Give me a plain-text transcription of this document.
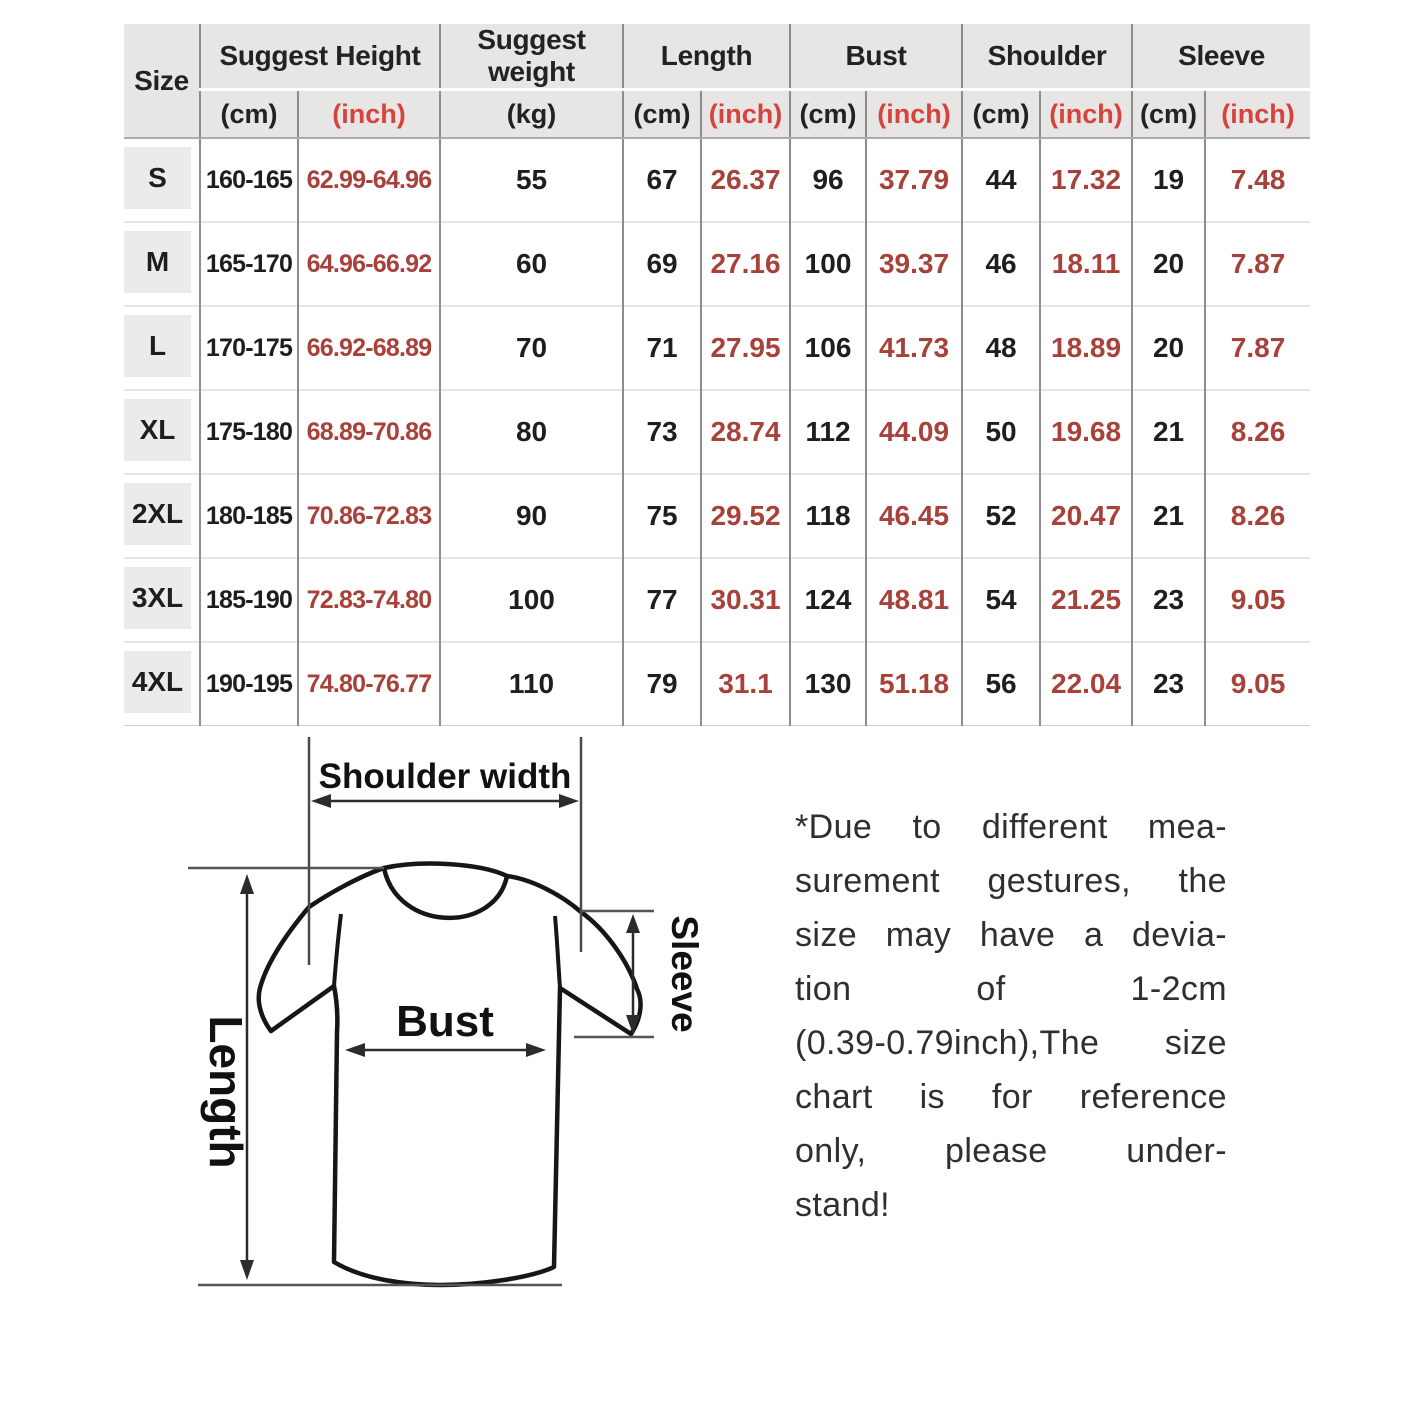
Size	Suggest Height		Suggest weight	Length		Bust		Shoulder		Sleeve	
	(cm)	(inch)	(kg)	(cm)	(inch)	(cm)	(inch)	(cm)	(inch)	(cm)	(inch)

S	160-165	62.99-64.96	55	67	26.37	96	37.79	44	17.32	19	7.48

M	165-170	64.96-66.92	60	69	27.16	100	39.37	46	18.11	20	7.87

L	170-175	66.92-68.89	70	71	27.95	106	41.73	48	18.89	20	7.87

XL	175-180	68.89-70.86	80	73	28.74	112	44.09	50	19.68	21	8.26

2XL	180-185	70.86-72.83	90	75	29.52	118	46.45	52	20.47	21	8.26

3XL	185-190	72.83-74.80	100	77	30.31	124	48.81	54	21.25	23	9.05

4XL	190-195	74.80-76.77	110	79	31.1	130	51.18	56	22.04	23	9.05
Shoulder width
Length	Bust	Sleeve
*Due to different mea-
surement gestures, the
size may have a devia-
tion of 1-2cm
(0.39-0.79inch),The size
chart is for reference
only, please under-
stand!
